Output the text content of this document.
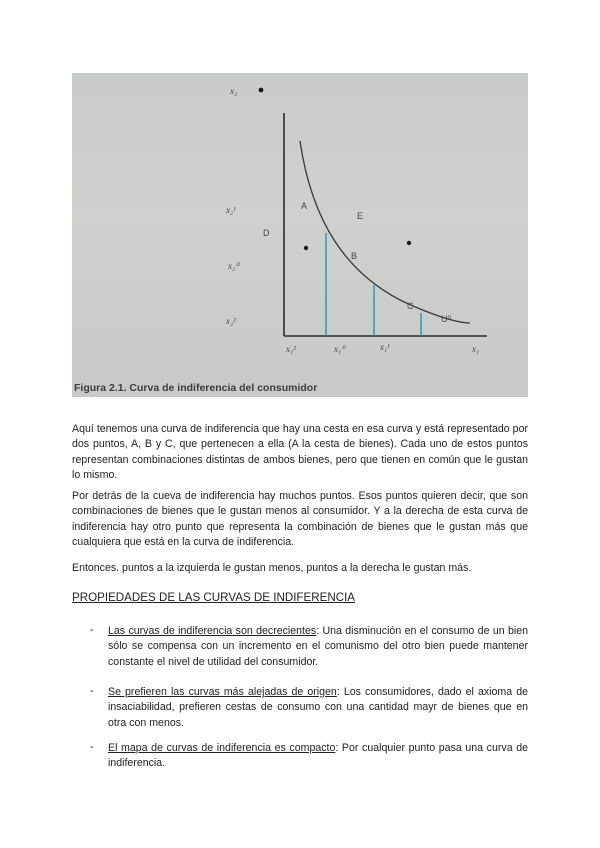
x₂
x₂¹
x₂⁰
x₂²
x₁²	x₁⁰	x₁¹	x₁
A
B
C
D
E
U⁰
Figura 2.1. Curva de indiferencia del consumidor

Aquí tenemos una curva de indiferencia que hay una cesta en esa curva y está representado por dos puntos, A, B y C, que pertenecen a ella (A la cesta de bienes). Cada uno de estos puntos representan combinaciones distintas de ambos bienes, pero que tienen en común que le gustan lo mismo.

Por detrás de la cueva de indiferencia hay muchos puntos. Esos puntos quieren decir, que son combinaciones de bienes que le gustan menos al consumidor. Y a la derecha de esta curva de indiferencia hay otro punto que representa la combinación de bienes que le gustan más que cualquiera que está en la curva de indiferencia.

Entonces. puntos a la izquierda le gustan menos, puntos a la derecha le gustan más.

PROPIEDADES DE LAS CURVAS DE INDIFERENCIA

- Las curvas de indiferencia son decrecientes: Una disminución en el consumo de un bien sólo se compensa con un incremento en el comunismo del otro bien puede mantener constante el nivel de utilidad del consumidor.

- Se prefieren las curvas más alejadas de origen: Los consumidores, dado el axioma de insaciabilidad, prefieren cestas de consumo con una cantidad mayr de bienes que en otra con menos.

- El mapa de curvas de indiferencia es compacto: Por cualquier punto pasa una curva de indiferencia.
